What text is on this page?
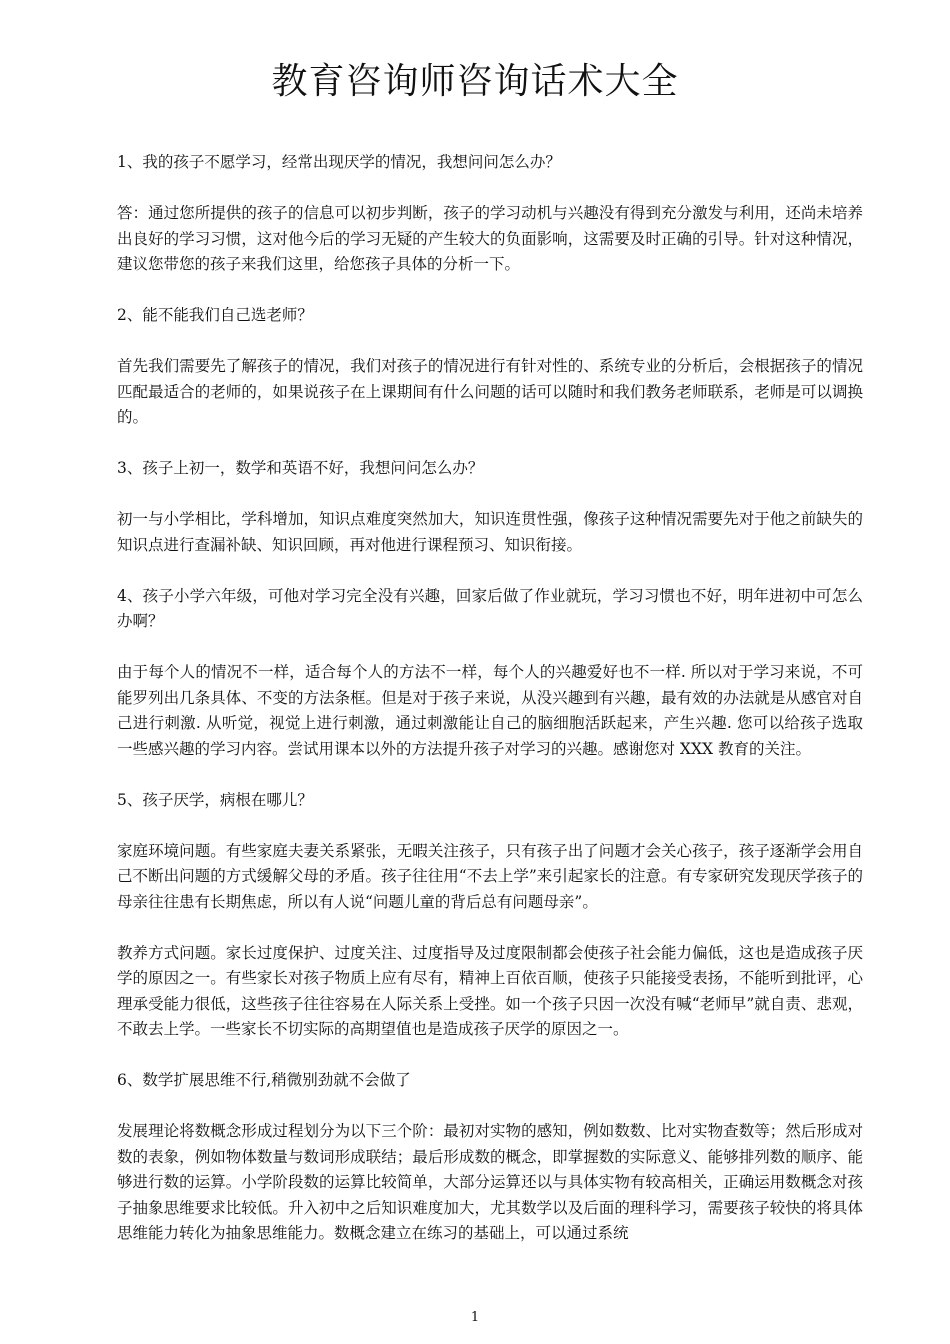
教育咨询师咨询话术大全

1、我的孩子不愿学习，经常出现厌学的情况，我想问问怎么办？

答：通过您所提供的孩子的信息可以初步判断，孩子的学习动机与兴趣没有得到充分激发与利用，还尚未培养出良好的学习习惯，这对他今后的学习无疑的产生较大的负面影响，这需要及时正确的引导。针对这种情况，建议您带您的孩子来我们这里，给您孩子具体的分析一下。

2、能不能我们自己选老师？

首先我们需要先了解孩子的情况，我们对孩子的情况进行有针对性的、系统专业的分析后，会根据孩子的情况匹配最适合的老师的，如果说孩子在上课期间有什么问题的话可以随时和我们教务老师联系，老师是可以调换的。

3、孩子上初一，数学和英语不好，我想问问怎么办？

初一与小学相比，学科增加，知识点难度突然加大，知识连贯性强，像孩子这种情况需要先对于他之前缺失的知识点进行查漏补缺、知识回顾，再对他进行课程预习、知识衔接。

4、孩子小学六年级，可他对学习完全没有兴趣，回家后做了作业就玩，学习习惯也不好，明年进初中可怎么办啊？

由于每个人的情况不一样，适合每个人的方法不一样，每个人的兴趣爱好也不一样. 所以对于学习来说，不可能罗列出几条具体、不变的方法条框。但是对于孩子来说，从没兴趣到有兴趣，最有效的办法就是从感官对自己进行刺激. 从听觉，视觉上进行刺激，通过刺激能让自己的脑细胞活跃起来，产生兴趣. 您可以给孩子选取一些感兴趣的学习内容。尝试用课本以外的方法提升孩子对学习的兴趣。感谢您对 XXX 教育的关注。

5、孩子厌学，病根在哪儿？

家庭环境问题。有些家庭夫妻关系紧张，无暇关注孩子，只有孩子出了问题才会关心孩子，孩子逐渐学会用自己不断出问题的方式缓解父母的矛盾。孩子往往用“不去上学”来引起家长的注意。有专家研究发现厌学孩子的母亲往往患有长期焦虑，所以有人说“问题儿童的背后总有问题母亲”。

教养方式问题。家长过度保护、过度关注、过度指导及过度限制都会使孩子社会能力偏低，这也是造成孩子厌学的原因之一。有些家长对孩子物质上应有尽有，精神上百依百顺，使孩子只能接受表扬，不能听到批评，心理承受能力很低，这些孩子往往容易在人际关系上受挫。如一个孩子只因一次没有喊“老师早”就自责、悲观，不敢去上学。一些家长不切实际的高期望值也是造成孩子厌学的原因之一。

6、数学扩展思维不行,稍微别劲就不会做了

发展理论将数概念形成过程划分为以下三个阶：最初对实物的感知，例如数数、比对实物查数等；然后形成对数的表象，例如物体数量与数词形成联结；最后形成数的概念，即掌握数的实际意义、能够排列数的顺序、能够进行数的运算。小学阶段数的运算比较简单，大部分运算还以与具体实物有较高相关，正确运用数概念对孩子抽象思维要求比较低。升入初中之后知识难度加大，尤其数学以及后面的理科学习，需要孩子较快的将具体思维能力转化为抽象思维能力。数概念建立在练习的基础上，可以通过系统

1
